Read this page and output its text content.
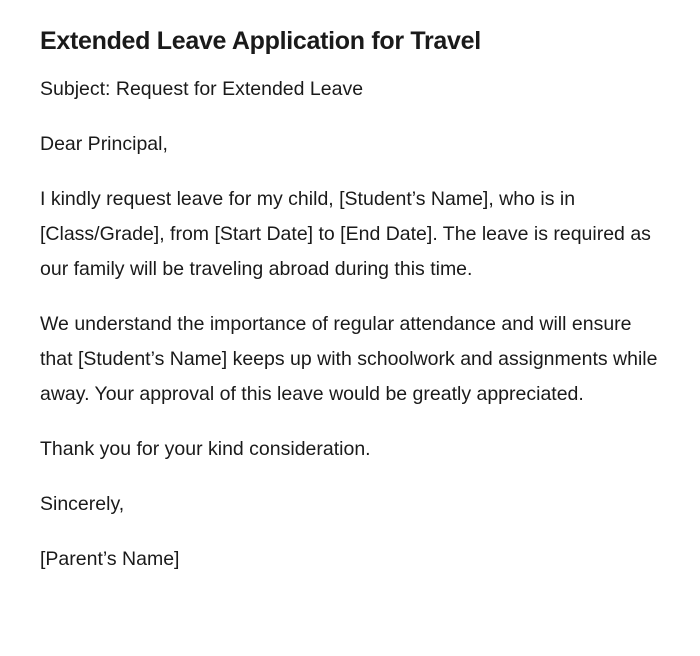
Extended Leave Application for Travel

Subject: Request for Extended Leave

Dear Principal,

I kindly request leave for my child, [Student’s Name], who is in [Class/Grade], from [Start Date] to [End Date]. The leave is required as our family will be traveling abroad during this time.

We understand the importance of regular attendance and will ensure that [Student’s Name] keeps up with schoolwork and assignments while away. Your approval of this leave would be greatly appreciated.

Thank you for your kind consideration.

Sincerely,

[Parent’s Name]
